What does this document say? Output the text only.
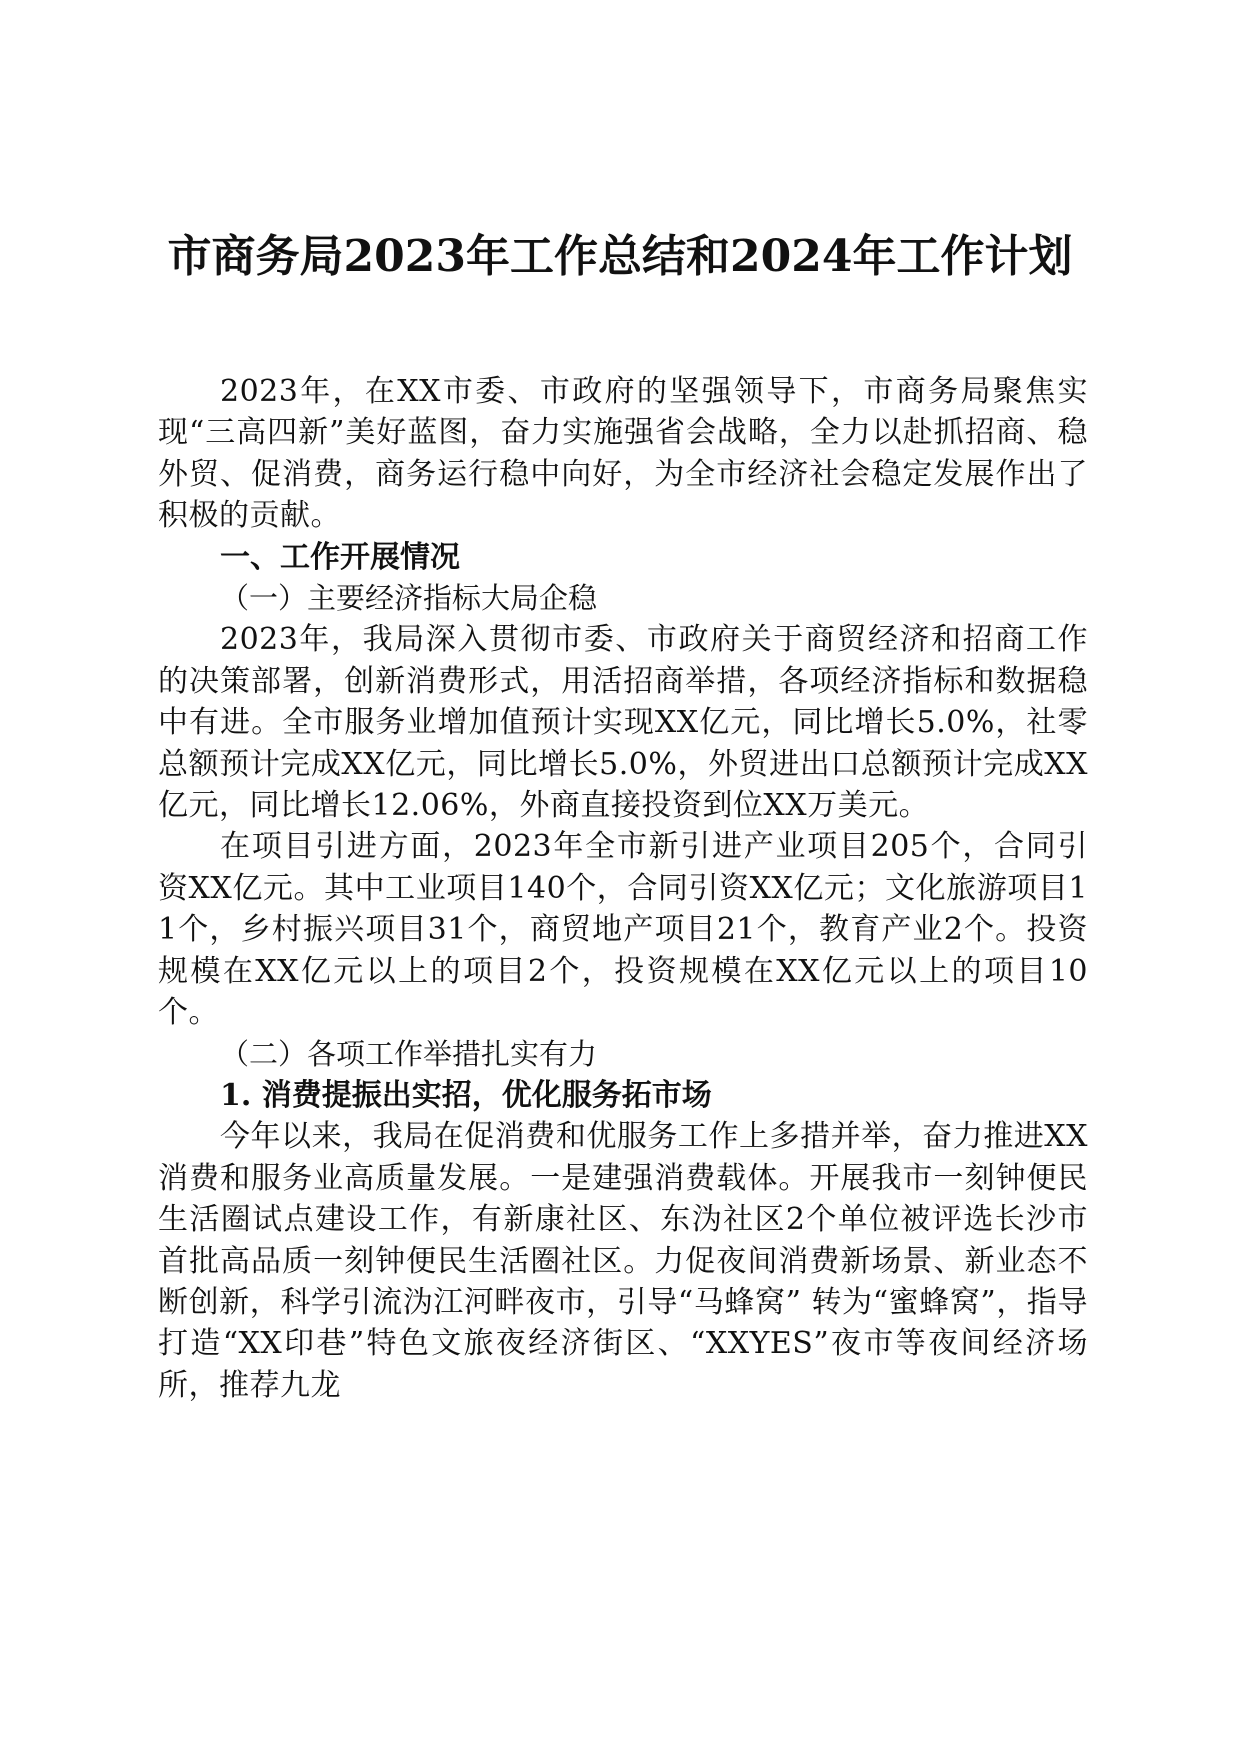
市商务局2023年工作总结和2024年工作计划

2023年，在XX市委、市政府的坚强领导下，市商务局聚焦实现“三高四新”美好蓝图，奋力实施强省会战略，全力以赴抓招商、稳外贸、促消费，商务运行稳中向好，为全市经济社会稳定发展作出了积极的贡献。

一、工作开展情况

（一）主要经济指标大局企稳

2023年，我局深入贯彻市委、市政府关于商贸经济和招商工作的决策部署，创新消费形式，用活招商举措，各项经济指标和数据稳中有进。全市服务业增加值预计实现XX亿元，同比增长5.0%，社零总额预计完成XX亿元，同比增长5.0%，外贸进出口总额预计完成XX亿元，同比增长12.06%，外商直接投资到位XX万美元。

在项目引进方面，2023年全市新引进产业项目205个，合同引资XX亿元。其中工业项目140个，合同引资XX亿元；文化旅游项目11个，乡村振兴项目31个，商贸地产项目21个，教育产业2个。投资规模在XX亿元以上的项目2个，投资规模在XX亿元以上的项目10个。

（二）各项工作举措扎实有力

1. 消费提振出实招，优化服务拓市场

今年以来，我局在促消费和优服务工作上多措并举，奋力推进XX消费和服务业高质量发展。一是建强消费载体。开展我市一刻钟便民生活圈试点建设工作，有新康社区、东沩社区2个单位被评选长沙市首批高品质一刻钟便民生活圈社区。力促夜间消费新场景、新业态不断创新，科学引流沩江河畔夜市，引导“马蜂窝” 转为“蜜蜂窝”，指导打造“XX印巷”特色文旅夜经济街区、“XXYES”夜市等夜间经济场所，推荐九龙
